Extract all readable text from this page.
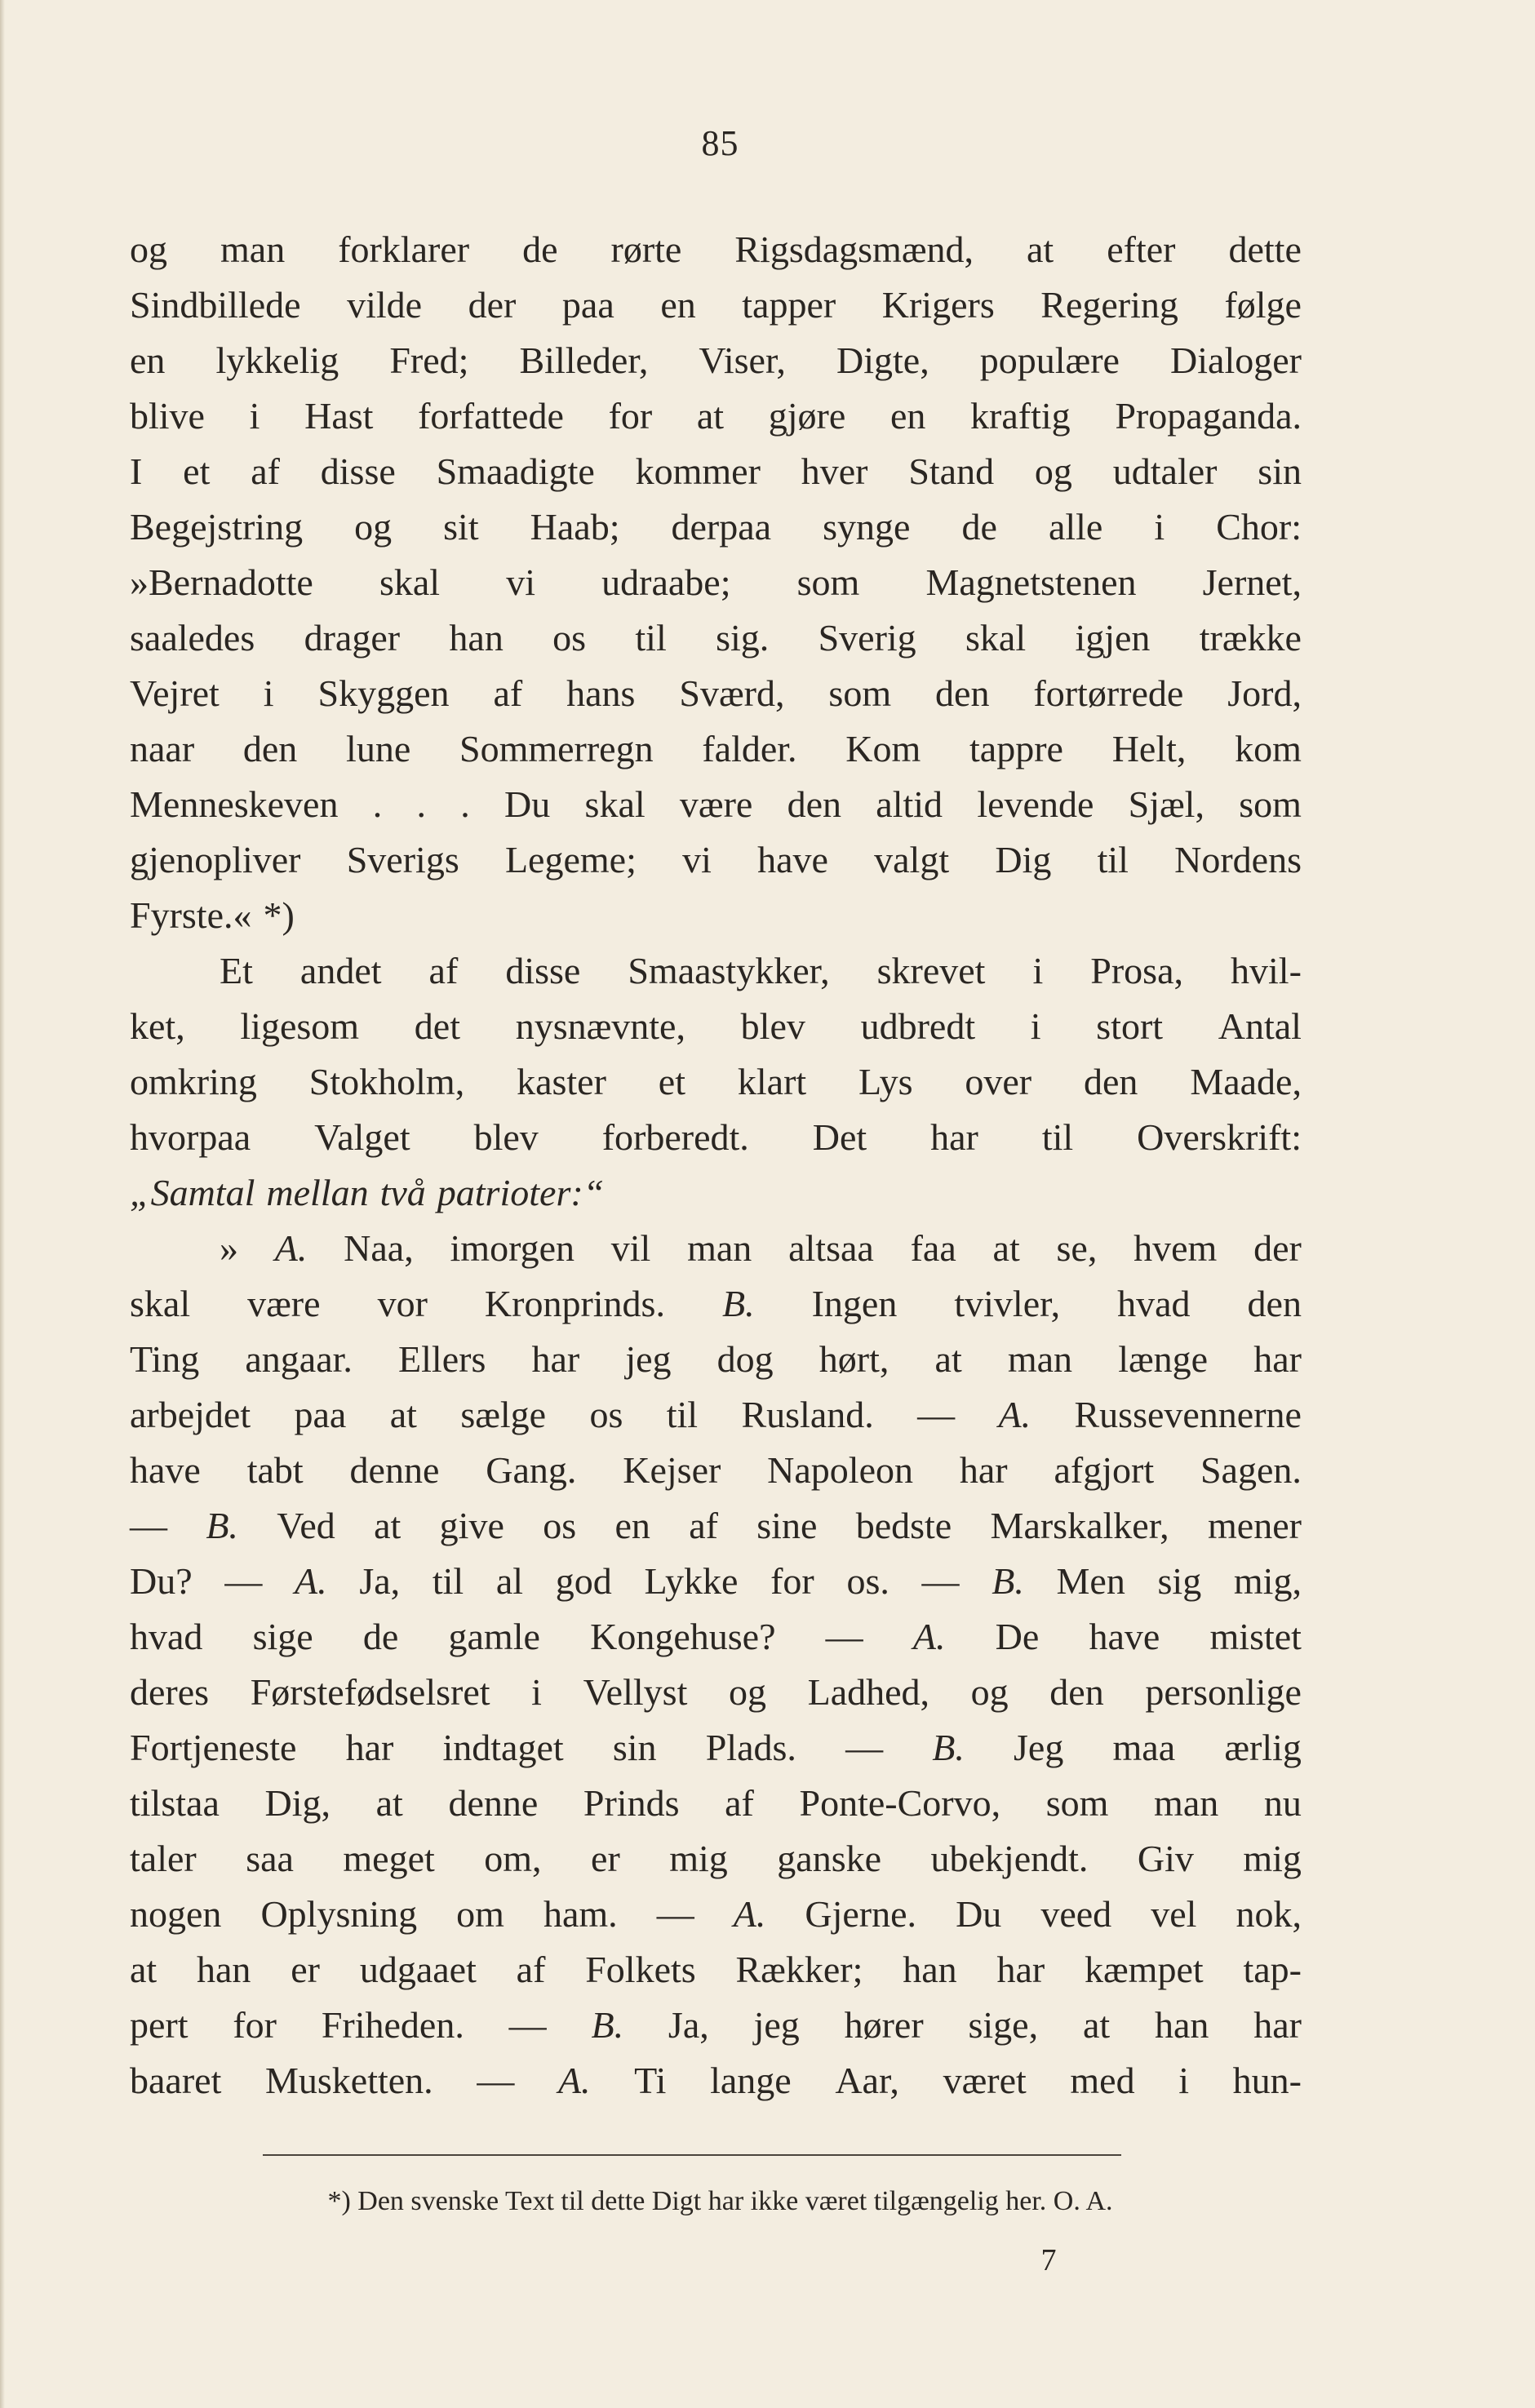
85
og man forklarer de rørte Rigsdagsmænd, at efter dette
Sindbillede vilde der paa en tapper Krigers Regering følge
en lykkelig Fred; Billeder, Viser, Digte, populære Dialoger
blive i Hast forfattede for at gjøre en kraftig Propaganda.
I et af disse Smaadigte kommer hver Stand og udtaler sin
Begejstring og sit Haab; derpaa synge de alle i Chor:
»Bernadotte skal vi udraabe; som Magnetstenen Jernet,
saaledes drager han os til sig. Sverig skal igjen trække
Vejret i Skyggen af hans Sværd, som den fortørrede Jord,
naar den lune Sommerregn falder. Kom tappre Helt, kom
Menneskeven . . . Du skal være den altid levende Sjæl, som
gjenopliver Sverigs Legeme; vi have valgt Dig til Nordens
Fyrste.« *)
Et andet af disse Smaastykker, skrevet i Prosa, hvil-
ket, ligesom det nysnævnte, blev udbredt i stort Antal
omkring Stokholm, kaster et klart Lys over den Maade,
hvorpaa Valget blev forberedt. Det har til Overskrift:
„Samtal mellan två patrioter:“
» A. Naa, imorgen vil man altsaa faa at se, hvem der
skal være vor Kronprinds. B. Ingen tvivler, hvad den
Ting angaar. Ellers har jeg dog hørt, at man længe har
arbejdet paa at sælge os til Rusland. — A. Russevennerne
have tabt denne Gang. Kejser Napoleon har afgjort Sagen.
— B. Ved at give os en af sine bedste Marskalker, mener
Du? — A. Ja, til al god Lykke for os. — B. Men sig mig,
hvad sige de gamle Kongehuse? — A. De have mistet
deres Førstefødselsret i Vellyst og Ladhed, og den personlige
Fortjeneste har indtaget sin Plads. — B. Jeg maa ærlig
tilstaa Dig, at denne Prinds af Ponte-Corvo, som man nu
taler saa meget om, er mig ganske ubekjendt. Giv mig
nogen Oplysning om ham. — A. Gjerne. Du veed vel nok,
at han er udgaaet af Folkets Rækker; han har kæmpet tap-
pert for Friheden. — B. Ja, jeg hører sige, at han har
baaret Musketten. — A. Ti lange Aar, været med i hun-
*) Den svenske Text til dette Digt har ikke været tilgængelig her. O. A.
7
